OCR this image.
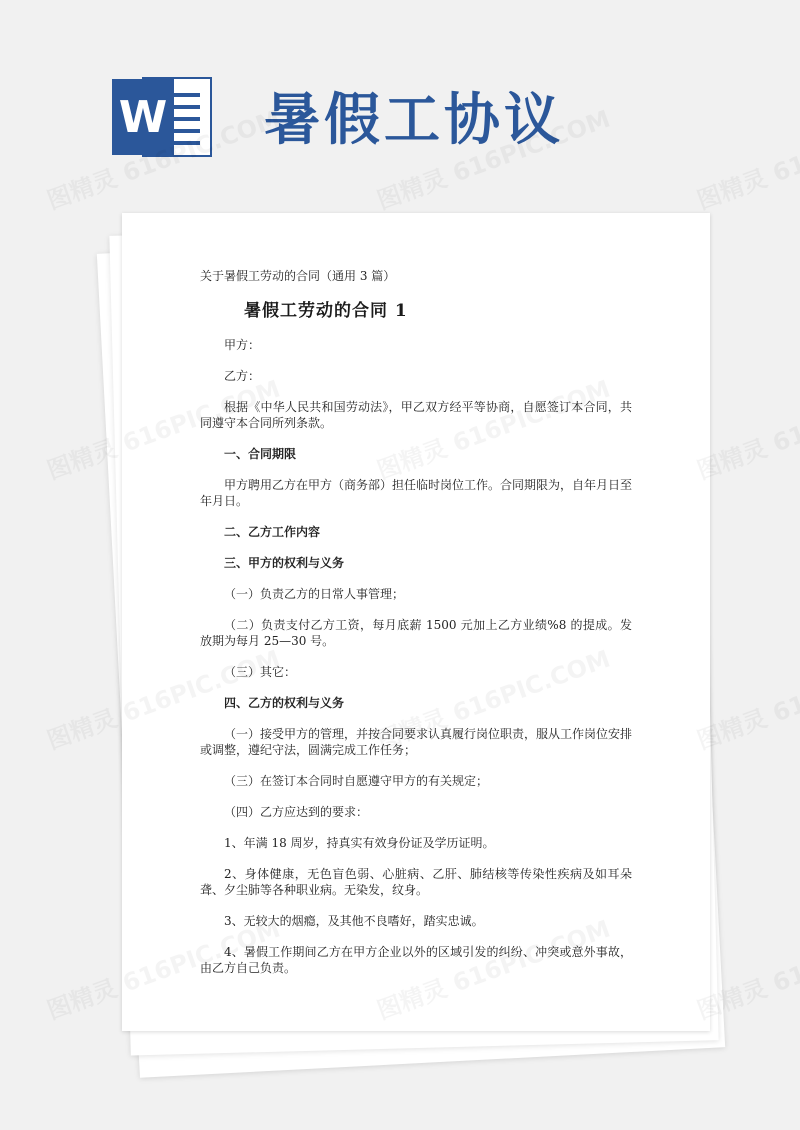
W 暑假工协议
关于暑假工劳动的合同（通用 3 篇）
暑假工劳动的合同 1

甲方：

乙方：

根据《中华人民共和国劳动法》，甲乙双方经平等协商，自愿签订本合同，共同遵守本合同所列条款。

一、合同期限

甲方聘用乙方在甲方（商务部）担任临时岗位工作。合同期限为，自年月日至年月日。

二、乙方工作内容

三、甲方的权利与义务

（一）负责乙方的日常人事管理；

（二）负责支付乙方工资，每月底薪 1500 元加上乙方业绩%8 的提成。发放期为每月 25—30 号。

（三）其它：

四、乙方的权利与义务

（一）接受甲方的管理，并按合同要求认真履行岗位职责，服从工作岗位安排或调整，遵纪守法，圆满完成工作任务；

（三）在签订本合同时自愿遵守甲方的有关规定；

（四）乙方应达到的要求：

1、年满 18 周岁，持真实有效身份证及学历证明。

2、身体健康，无色盲色弱、心脏病、乙肝、肺结核等传染性疾病及如耳朵聋、夕尘肺等各种职业病。无染发，纹身。

3、无较大的烟瘾，及其他不良嗜好，踏实忠诚。

4、暑假工作期间乙方在甲方企业以外的区域引发的纠纷、冲突或意外事故，由乙方自己负责。
